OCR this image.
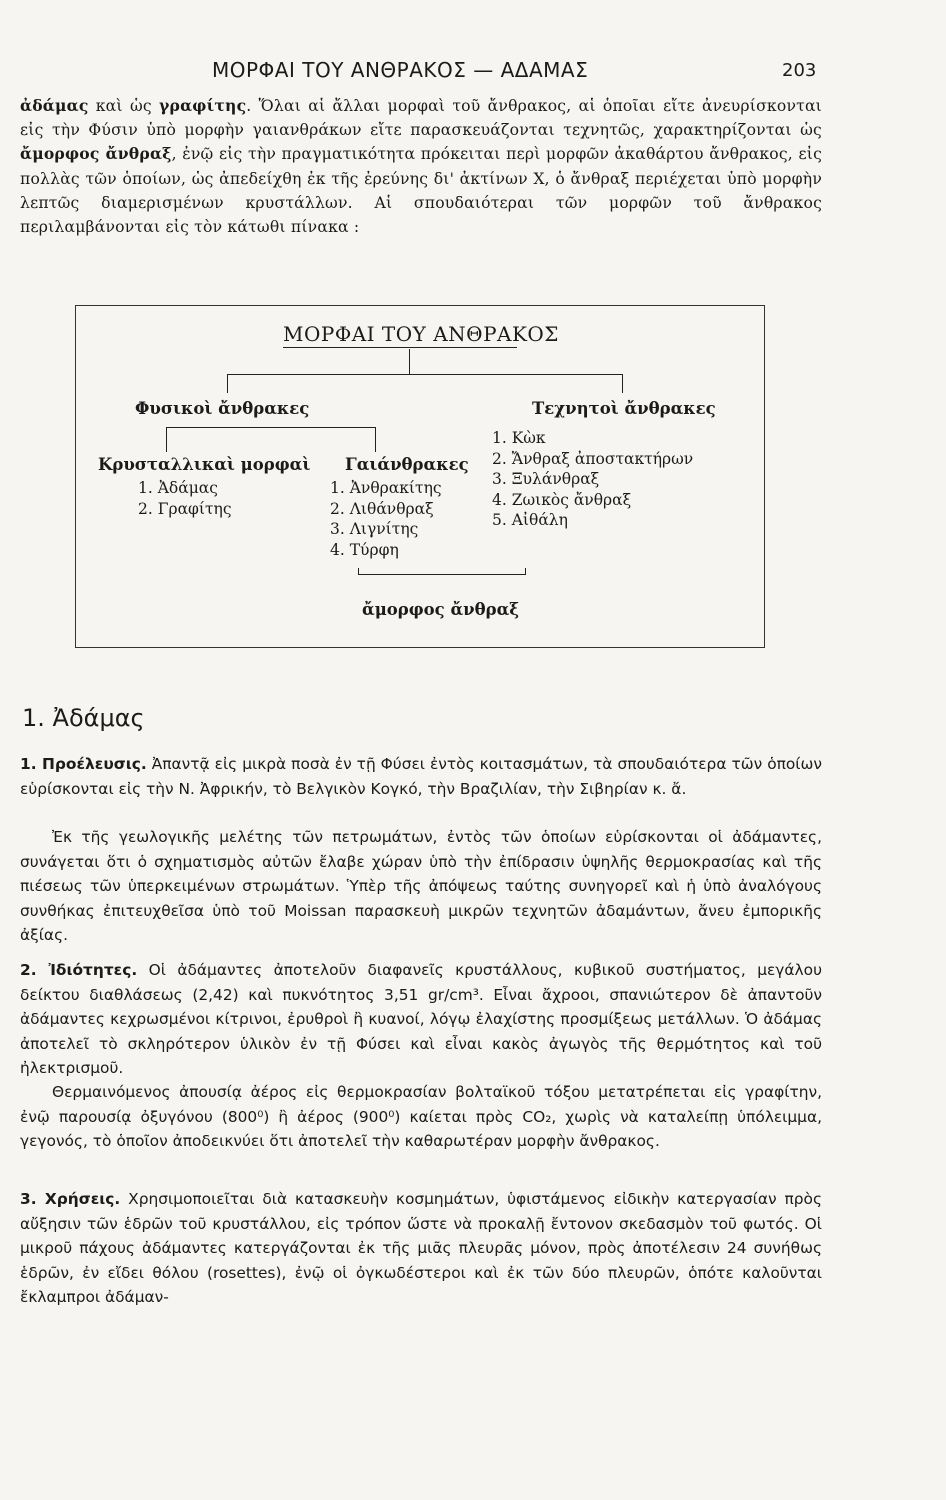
ΜΟΡΦΑΙ ΤΟΥ ΑΝΘΡΑΚΟΣ — ΑΔΑΜΑΣ	203
ἀδάμας καὶ ὡς γραφίτης. Ὅλαι αἱ ἄλλαι μορφαὶ τοῦ ἄνθρακος, αἱ ὁποῖαι εἴτε ἀνευρίσκονται εἰς τὴν Φύσιν ὑπὸ μορφὴν γαιανθράκων εἴτε παρασκευάζονται τεχνητῶς, χαρακτηρίζονται ὡς ἄμορφος ἄνθραξ, ἐνῷ εἰς τὴν πραγματικότητα πρόκειται περὶ μορφῶν ἀκαθάρτου ἄνθρακος, εἰς πολλὰς τῶν ὁποίων, ὡς ἀπεδείχθη ἐκ τῆς ἐρεύνης δι' ἀκτίνων X, ὁ ἄνθραξ περιέχεται ὑπὸ μορφὴν λεπτῶς διαμερισμένων κρυστάλλων. Αἱ σπουδαιότεραι τῶν μορφῶν τοῦ ἄνθρακος περιλαμβάνονται εἰς τὸν κάτωθι πίνακα :
ΜΟΡΦΑΙ ΤΟΥ ΑΝΘΡΑΚΟΣ
Φυσικοὶ ἄνθρακες	Τεχνητοὶ ἄνθρακες
Κρυσταλλικαὶ μορφαὶ Γαιάνθρακες
1. Ἀδάμας
2. Γραφίτης
1. Ἀνθρακίτης
2. Λιθάνθραξ
3. Λιγνίτης
4. Τύρφη
1. Κὼκ
2. Ἄνθραξ ἀποστακτήρων
3. Ξυλάνθραξ
4. Ζωικὸς ἄνθραξ
5. Αἰθάλη
ἄμορφος ἄνθραξ
1. Ἀδάμας
1. Προέλευσις. Ἀπαντᾷ εἰς μικρὰ ποσὰ ἐν τῇ Φύσει ἐντὸς κοιτασμάτων, τὰ σπουδαιότερα τῶν ὁποίων εὑρίσκονται εἰς τὴν Ν. Ἀφρικήν, τὸ Βελγικὸν Κογκό, τὴν Βραζιλίαν, τὴν Σιβηρίαν κ. ἄ.
Ἐκ τῆς γεωλογικῆς μελέτης τῶν πετρωμάτων, ἐντὸς τῶν ὁποίων εὑρίσκονται οἱ ἀδάμαντες, συνάγεται ὅτι ὁ σχηματισμὸς αὐτῶν ἔλαβε χώραν ὑπὸ τὴν ἐπίδρασιν ὑψηλῆς θερμοκρασίας καὶ τῆς πιέσεως τῶν ὑπερκειμένων στρωμάτων. Ὑπὲρ τῆς ἀπόψεως ταύτης συνηγορεῖ καὶ ἡ ὑπὸ ἀναλόγους συνθήκας ἐπιτευχθεῖσα ὑπὸ τοῦ Moissan παρασκευὴ μικρῶν τεχνητῶν ἀδαμάντων, ἄνευ ἐμπορικῆς ἀξίας.
2. Ἰδιότητες. Οἱ ἀδάμαντες ἀποτελοῦν διαφανεῖς κρυστάλλους, κυβικοῦ συστήματος, μεγάλου δείκτου διαθλάσεως (2,42) καὶ πυκνότητος 3,51 gr/cm³. Εἶναι ἄχροοι, σπανιώτερον δὲ ἀπαντοῦν ἀδάμαντες κεχρωσμένοι κίτρινοι, ἐρυθροὶ ἢ κυανοί, λόγῳ ἐλαχίστης προσμίξεως μετάλλων. Ὁ ἀδάμας ἀποτελεῖ τὸ σκληρότερον ὑλικὸν ἐν τῇ Φύσει καὶ εἶναι κακὸς ἀγωγὸς τῆς θερμότητος καὶ τοῦ ἠλεκτρισμοῦ.
Θερμαινόμενος ἀπουσίᾳ ἀέρος εἰς θερμοκρασίαν βολταϊκοῦ τόξου μετατρέπεται εἰς γραφίτην, ἐνῷ παρουσίᾳ ὀξυγόνου (800⁰) ἢ ἀέρος (900⁰) καίεται πρὸς CO₂, χωρὶς νὰ καταλείπῃ ὑπόλειμμα, γεγονός, τὸ ὁποῖον ἀποδεικνύει ὅτι ἀποτελεῖ τὴν καθαρωτέραν μορφὴν ἄνθρακος.
3. Χρήσεις. Χρησιμοποιεῖται διὰ κατασκευὴν κοσμημάτων, ὑφιστάμενος εἰδικὴν κατεργασίαν πρὸς αὔξησιν τῶν ἑδρῶν τοῦ κρυστάλλου, εἰς τρόπον ὥστε νὰ προκαλῇ ἔντονον σκεδασμὸν τοῦ φωτός. Οἱ μικροῦ πάχους ἀδάμαντες κατεργάζονται ἐκ τῆς μιᾶς πλευρᾶς μόνον, πρὸς ἀποτέλεσιν 24 συνήθως ἑδρῶν, ἐν εἴδει θόλου (rosettes), ἐνῷ οἱ ὀγκωδέστεροι καὶ ἐκ τῶν δύο πλευρῶν, ὁπότε καλοῦνται ἔκλαμπροι ἀδάμαν-
